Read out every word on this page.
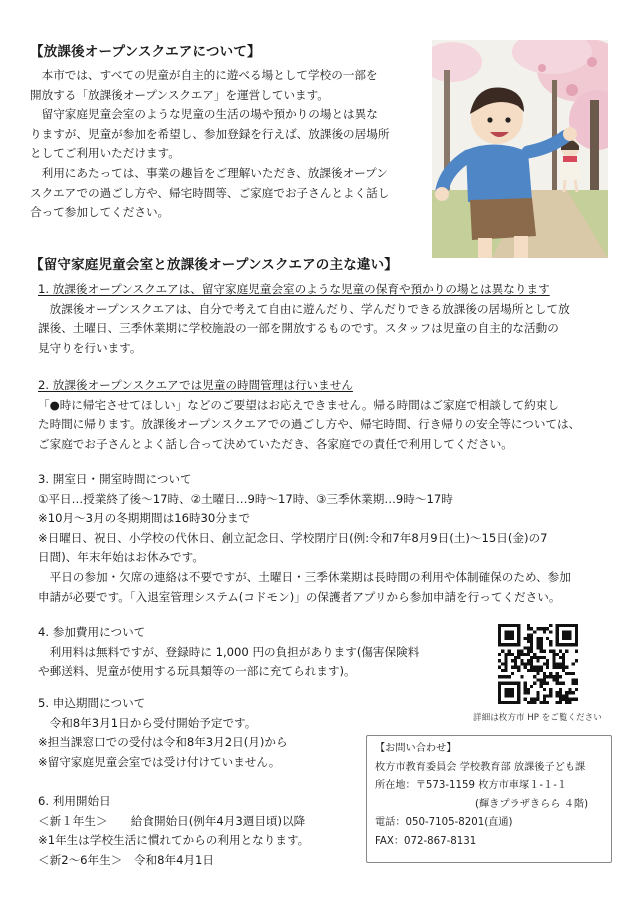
【放課後オープンスクエアについて】
　本市では、すべての児童が自主的に遊べる場として学校の一部を
開放する「放課後オープンスクエア」を運営しています。
　留守家庭児童会室のような児童の生活の場や預かりの場とは異な
りますが、児童が参加を希望し、参加登録を行えば、放課後の居場所
としてご利用いただけます。
　利用にあたっては、事業の趣旨をご理解いただき、放課後オープン
スクエアでの過ごし方や、帰宅時間等、ご家庭でお子さんとよく話し
合って参加してください。
【留守家庭児童会室と放課後オープンスクエアの主な違い】
1. 放課後オープンスクエアは、留守家庭児童会室のような児童の保育や預かりの場とは異なります
　放課後オープンスクエアは、自分で考えて自由に遊んだり、学んだりできる放課後の居場所として放
課後、土曜日、三季休業期に学校施設の一部を開放するものです。スタッフは児童の自主的な活動の
見守りを行います。
2. 放課後オープンスクエアでは児童の時間管理は行いません
「●時に帰宅させてほしい」などのご要望はお応えできません。帰る時間はご家庭で相談して約束し
た時間に帰ります。放課後オープンスクエアでの過ごし方や、帰宅時間、行き帰りの安全等については、
ご家庭でお子さんとよく話し合って決めていただき、各家庭での責任で利用してください。
3. 開室日・開室時間について
①平日…授業終了後～17時、②土曜日…9時～17時、③三季休業期…9時～17時
※10月～3月の冬期期間は16時30分まで
※日曜日、祝日、小学校の代休日、創立記念日、学校閉庁日(例:令和7年8月9日(土)～15日(金)の7
日間)、年末年始はお休みです。
　平日の参加・欠席の連絡は不要ですが、土曜日・三季休業期は長時間の利用や体制確保のため、参加
申請が必要です。「入退室管理システム(コドモン)」の保護者アプリから参加申請を行ってください。
4. 参加費用について
　利用料は無料ですが、登録時に 1,000 円の負担があります(傷害保険料
や郵送料、児童が使用する玩具類等の一部に充てられます)。
詳細は枚方市 HP をご覧ください
5. 申込期間について
　令和8年3月1日から受付開始予定です。
※担当課窓口での受付は令和8年3月2日(月)から
※留守家庭児童会室では受け付けていません。
6. 利用開始日
＜新１年生＞　　給食開始日(例年4月3週目頃)以降
※1年生は学校生活に慣れてからの利用となります。
＜新2～6年生＞　令和8年4月1日
【お問い合わせ】
枚方市教育委員会 学校教育部 放課後子ども課
所在地：〒573-1159 枚方市車塚１-１-１
(輝きプラザきらら ４階)
電話：050-7105-8201(直通)
FAX：072-867-8131
